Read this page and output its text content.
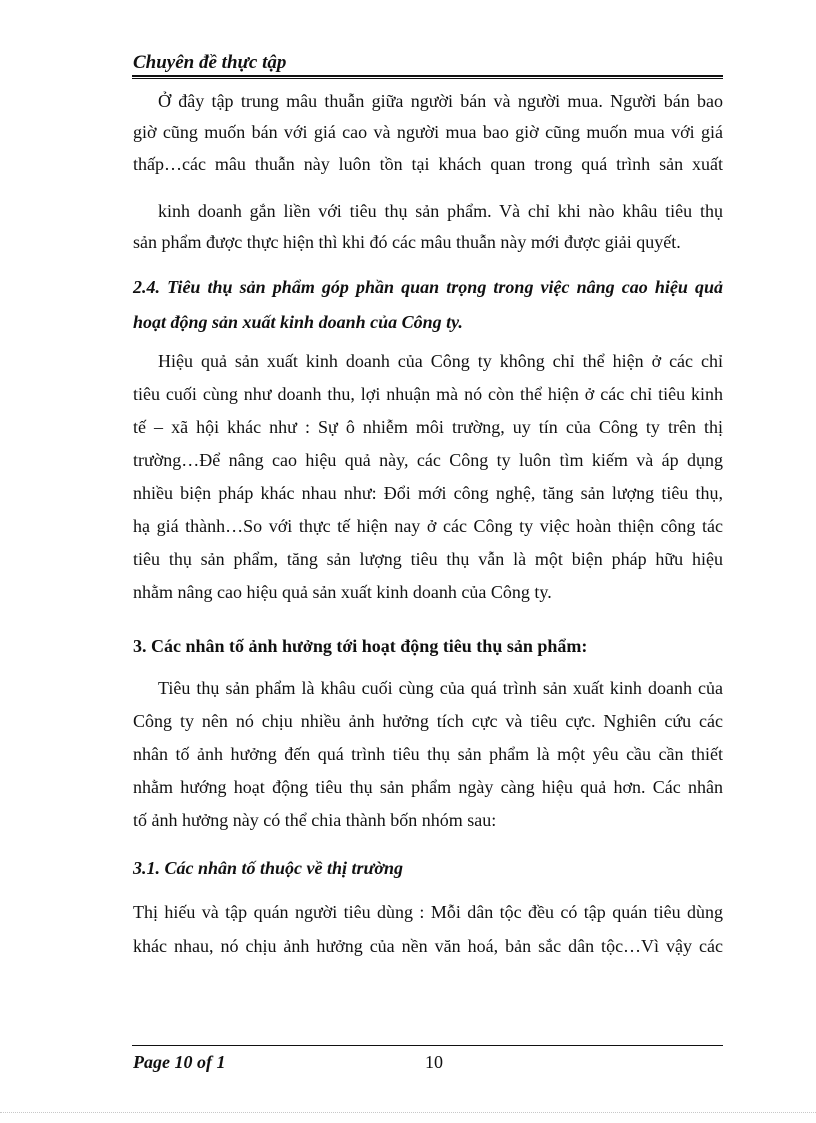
Chuyên đề thực tập

Ở đây tập trung mâu thuẫn giữa người bán và người mua. Người bán bao
giờ cũng muốn bán với giá cao và người mua bao giờ cũng muốn mua với giá
thấp…các mâu thuẫn này luôn tồn tại khách quan trong quá trình sản xuất
kinh doanh gắn liền với tiêu thụ sản phẩm. Và chỉ khi nào khâu tiêu thụ
sản phẩm được thực hiện thì khi đó các mâu thuẫn này mới được giải quyết.
2.4. Tiêu thụ sản phẩm góp phần quan trọng trong việc nâng cao hiệu quả
hoạt động sản xuất kinh doanh của Công ty.
Hiệu quả sản xuất kinh doanh của Công ty không chỉ thể hiện ở các chỉ
tiêu cuối cùng như doanh thu, lợi nhuận mà nó còn thể hiện ở các chỉ tiêu kinh
tế – xã hội khác như : Sự ô nhiễm môi trường, uy tín của Công ty trên thị
trường…Để nâng cao hiệu quả này, các Công ty luôn tìm kiếm và áp dụng
nhiều biện pháp khác nhau như: Đổi mới công nghệ, tăng sản lượng tiêu thụ,
hạ giá thành…So với thực tế hiện nay ở các Công ty việc hoàn thiện công tác
tiêu thụ sản phẩm, tăng sản lượng tiêu thụ vẫn là một biện pháp hữu hiệu
nhằm nâng cao hiệu quả sản xuất kinh doanh của Công ty.
3. Các nhân tố ảnh hưởng tới hoạt động tiêu thụ sản phẩm:
Tiêu thụ sản phẩm là khâu cuối cùng của quá trình sản xuất kinh doanh của
Công ty nên nó chịu nhiều ảnh hưởng tích cực và tiêu cực. Nghiên cứu các
nhân tố ảnh hưởng đến quá trình tiêu thụ sản phẩm là một yêu cầu cần thiết
nhằm hướng hoạt động tiêu thụ sản phẩm ngày càng hiệu quả hơn. Các nhân
tố ảnh hưởng này có thể chia thành bốn nhóm sau:
3.1. Các nhân tố thuộc về thị trường
Thị hiếu và tập quán người tiêu dùng : Mỗi dân tộc đều có tập quán tiêu dùng
khác nhau, nó chịu ảnh hưởng của nền văn hoá, bản sắc dân tộc…Vì vậy các

Page 10 of 1	10
